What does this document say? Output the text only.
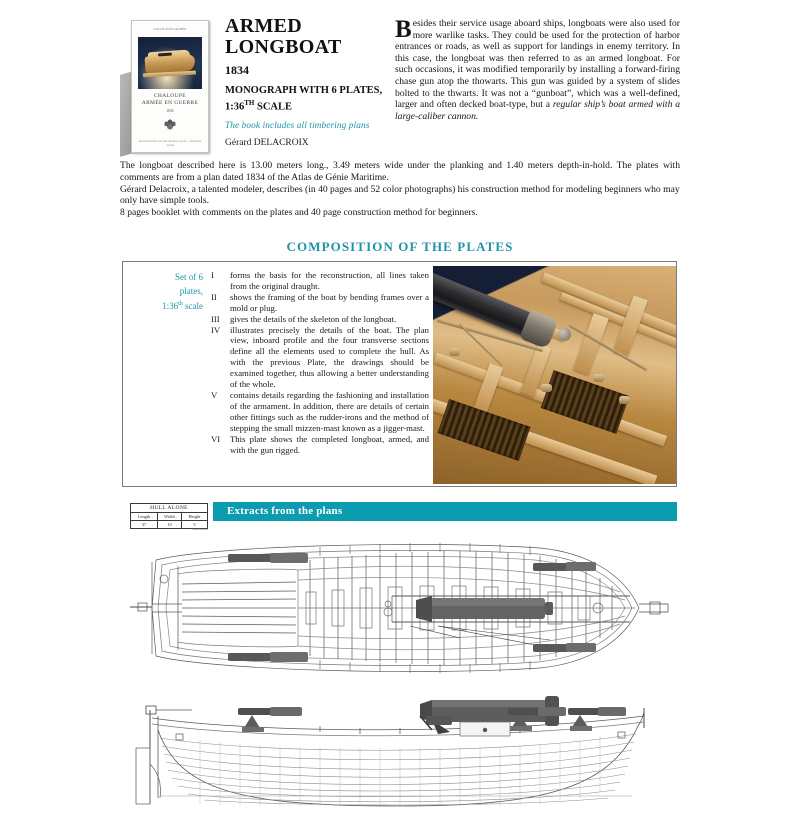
COLLECTION ARCHÉO
CHALOUPE
ARMÉE EN GUERRE
1834
MONOGRAPHIE PAR GÉRARD DELACROIX — ÉDITIONS ANCRE
ARMED
LONGBOAT
1834
MONOGRAPH WITH 6 PLATES,
1:36TH SCALE
The book includes all timbering plans
Gérard DELACROIX

Besides their service usage aboard ships, longboats were also used for more warlike tasks. They could be used for the protection of harbor entrances or roads, as well as support for landings in enemy territory. In this case, the longboat was then referred to as an armed longboat. For such occasions, it was modified temporarily by installing a forward-firing chase gun atop the thowarts. This gun was guided by a system of slides bolted to the thwarts. It was not a “gunboat”, which was a well-defined, larger and often decked boat-type, but a regular ship’s boat armed with a large-caliber cannon.

The longboat described here is 13.00 meters long., 3.49 meters wide under the planking and 1.40 meters depth-in-hold. The plates with comments are from a plan dated 1834 of the Atlas de Génie Maritime.

Gérard Delacroix, a talented modeler, describes (in 40 pages and 52 color photographs) his construction method for modeling beginners who may only have simple tools.

8 pages booklet with comments on the plates and 40 page construction method for beginners.

COMPOSITION OF THE PLATES
Set of 6
plates,
1:36th scale
I	forms the basis for the reconstruction, all lines taken from the original draught.
II	shows the framing of the boat by bending frames over a mold or plug.
III	gives the details of the skeleton of the longboat.
IV	illustrates precisely the details of the boat. The plan view, inboard profile and the four transverse sections define all the elements used to complete the hull. As with the previous Plate, the drawings should be examined together, thus allowing a better understanding of the whole.
V	contains details regarding the fashioning and installation of the armament. In addition, there are details of certain other fittings such as the rudder-irons and the method of stepping the small mizzen-mast known as a jigger-mast.
VI	This plate shows the completed longboat, armed, and with the gun rigged.
HULL ALONE		
Length	Width	Height
37	10	5
Centimeters
Extracts from the plans
